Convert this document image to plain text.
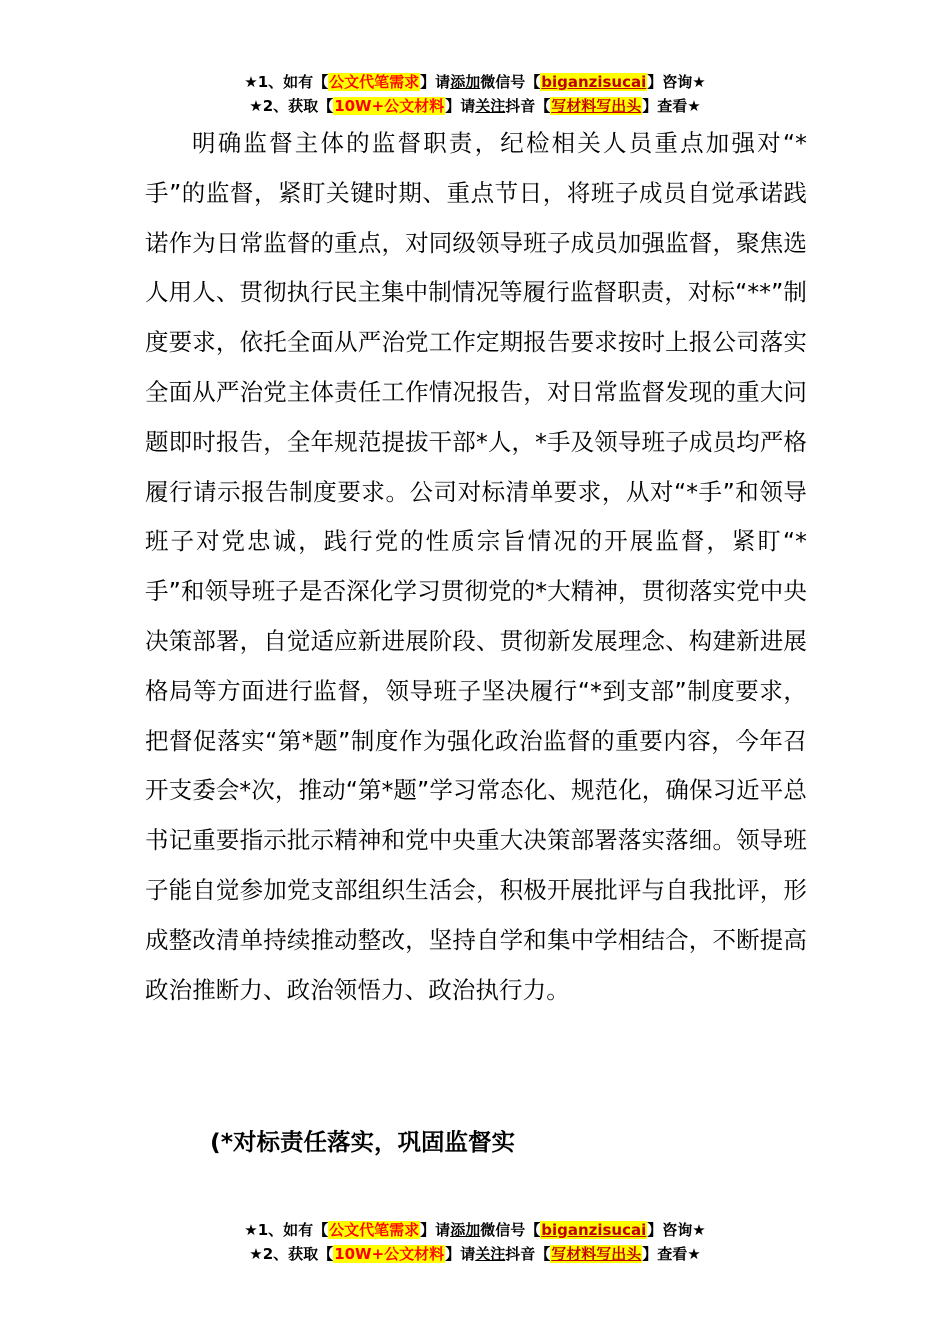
★1、如有【公文代笔需求】请添加微信号【biganzisucai】咨询★
★2、获取【10W+公文材料】请关注抖音【写材料写出头】查看★

明确监督主体的监督职责，纪检相关人员重点加强对“*手”的监督，紧盯关键时期、重点节日，将班子成员自觉承诺践诺作为日常监督的重点，对同级领导班子成员加强监督，聚焦选人用人、贯彻执行民主集中制情况等履行监督职责，对标“**”制度要求，依托全面从严治党工作定期报告要求按时上报公司落实全面从严治党主体责任工作情况报告，对日常监督发现的重大问题即时报告，全年规范提拔干部*人，*手及领导班子成员均严格履行请示报告制度要求。公司对标清单要求，从对“*手”和领导班子对党忠诚，践行党的性质宗旨情况的开展监督，紧盯“*手”和领导班子是否深化学习贯彻党的*大精神，贯彻落实党中央决策部署，自觉适应新进展阶段、贯彻新发展理念、构建新进展格局等方面进行监督，领导班子坚决履行“*到支部”制度要求，把督促落实“第*题”制度作为强化政治监督的重要内容，今年召开支委会*次，推动“第*题”学习常态化、规范化，确保习近平总书记重要指示批示精神和党中央重大决策部署落实落细。领导班子能自觉参加党支部组织生活会，积极开展批评与自我批评，形成整改清单持续推动整改，坚持自学和集中学相结合，不断提高政治推断力、政治领悟力、政治执行力。

(*对标责任落实，巩固监督实

★1、如有【公文代笔需求】请添加微信号【biganzisucai】咨询★
★2、获取【10W+公文材料】请关注抖音【写材料写出头】查看★
